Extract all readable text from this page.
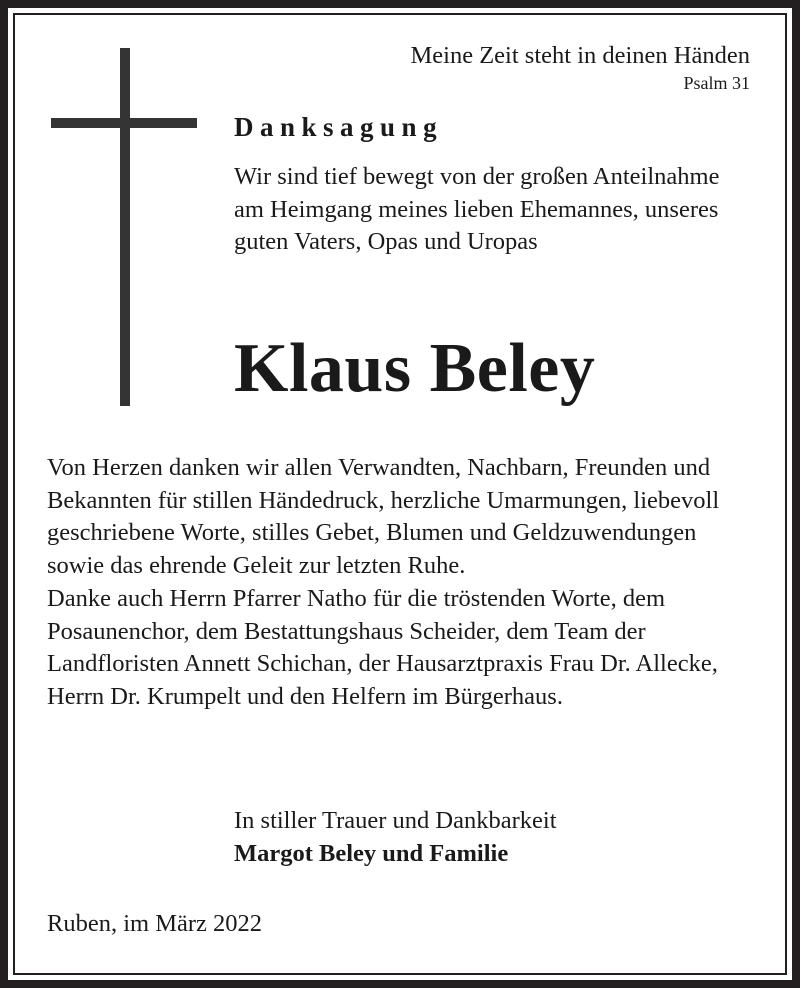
Meine Zeit steht in deinen Händen
Psalm 31
Danksagung
Wir sind tief bewegt von der großen Anteilnahme am Heimgang meines lieben Ehemannes, unseres guten Vaters, Opas und Uropas
Klaus Beley
Von Herzen danken wir allen Verwandten, Nachbarn, Freunden und Bekannten für stillen Händedruck, herzliche Umarmungen, liebevoll geschriebene Worte, stilles Gebet, Blumen und Geldzuwendungen sowie das ehrende Geleit zur letzten Ruhe.
Danke auch Herrn Pfarrer Natho für die tröstenden Worte, dem Posaunenchor, dem Bestattungshaus Scheider, dem Team der Landfloristen Annett Schichan, der Hausarztpraxis Frau Dr. Allecke, Herrn Dr. Krumpelt und den Helfern im Bürgerhaus.
In stiller Trauer und Dankbarkeit
Margot Beley und Familie
Ruben, im März 2022
